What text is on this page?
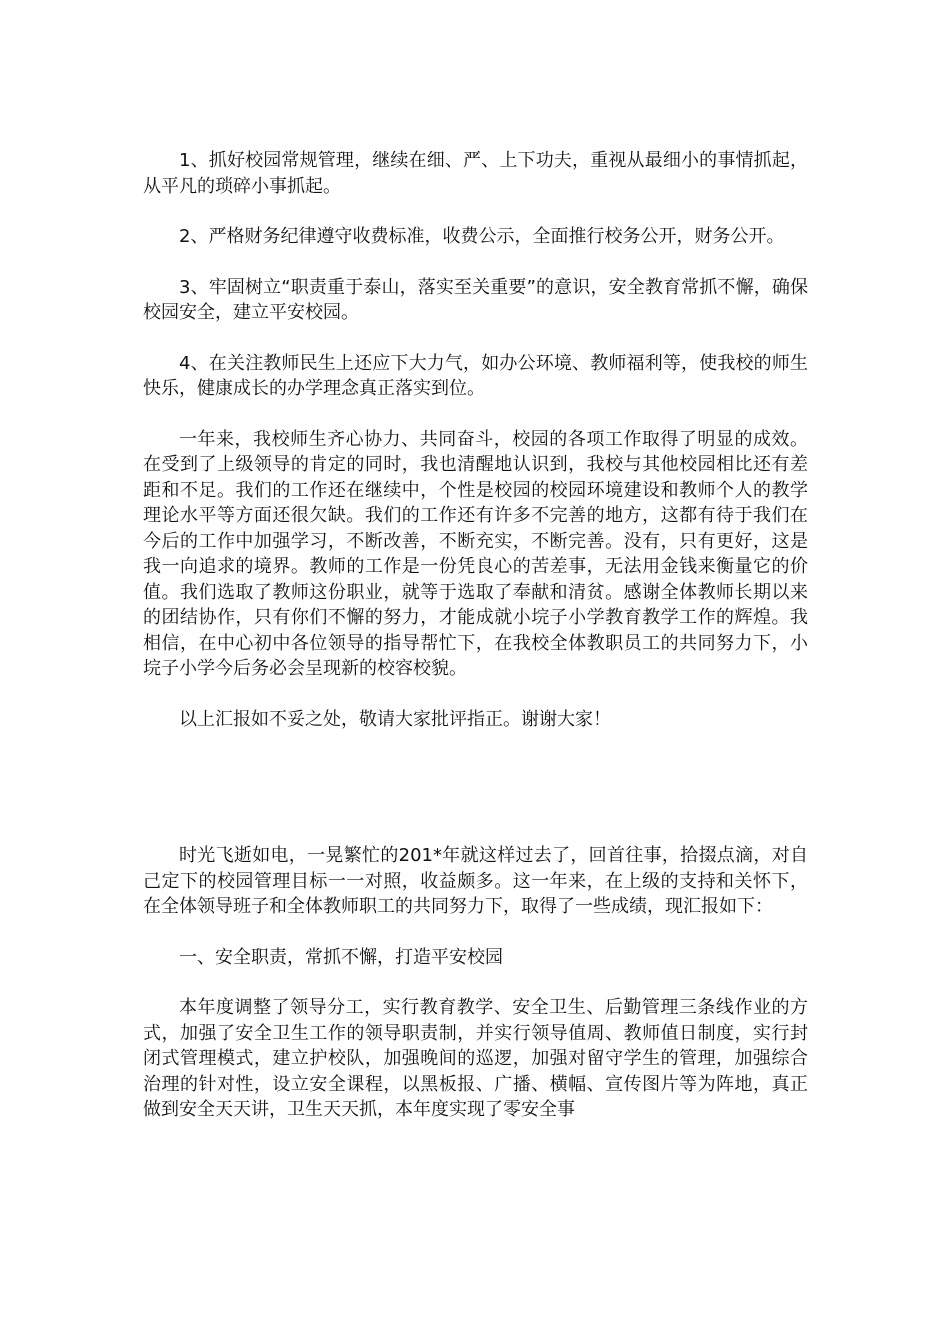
1、抓好校园常规管理，继续在细、严、上下功夫，重视从最细小的事情抓起，从平凡的琐碎小事抓起。

2、严格财务纪律遵守收费标准，收费公示，全面推行校务公开，财务公开。

3、牢固树立“职责重于泰山，落实至关重要”的意识，安全教育常抓不懈，确保校园安全，建立平安校园。

4、在关注教师民生上还应下大力气，如办公环境、教师福利等，使我校的师生快乐，健康成长的办学理念真正落实到位。

一年来，我校师生齐心协力、共同奋斗，校园的各项工作取得了明显的成效。在受到了上级领导的肯定的同时，我也清醒地认识到，我校与其他校园相比还有差距和不足。我们的工作还在继续中，个性是校园的校园环境建设和教师个人的教学理论水平等方面还很欠缺。我们的工作还有许多不完善的地方，这都有待于我们在今后的工作中加强学习，不断改善，不断充实，不断完善。没有，只有更好，这是我一向追求的境界。教师的工作是一份凭良心的苦差事，无法用金钱来衡量它的价值。我们选取了教师这份职业，就等于选取了奉献和清贫。感谢全体教师长期以来的团结协作，只有你们不懈的努力，才能成就小垸子小学教育教学工作的辉煌。我相信，在中心初中各位领导的指导帮忙下，在我校全体教职员工的共同努力下，小垸子小学今后务必会呈现新的校容校貌。

以上汇报如不妥之处，敬请大家批评指正。谢谢大家！

时光飞逝如电，一晃繁忙的201*年就这样过去了，回首往事，拾掇点滴，对自己定下的校园管理目标一一对照，收益颇多。这一年来，在上级的支持和关怀下，在全体领导班子和全体教师职工的共同努力下，取得了一些成绩，现汇报如下：

一、安全职责，常抓不懈，打造平安校园

本年度调整了领导分工，实行教育教学、安全卫生、后勤管理三条线作业的方式，加强了安全卫生工作的领导职责制，并实行领导值周、教师值日制度，实行封闭式管理模式，建立护校队，加强晚间的巡逻，加强对留守学生的管理，加强综合治理的针对性，设立安全课程，以黑板报、广播、横幅、宣传图片等为阵地，真正做到安全天天讲，卫生天天抓，本年度实现了零安全事
